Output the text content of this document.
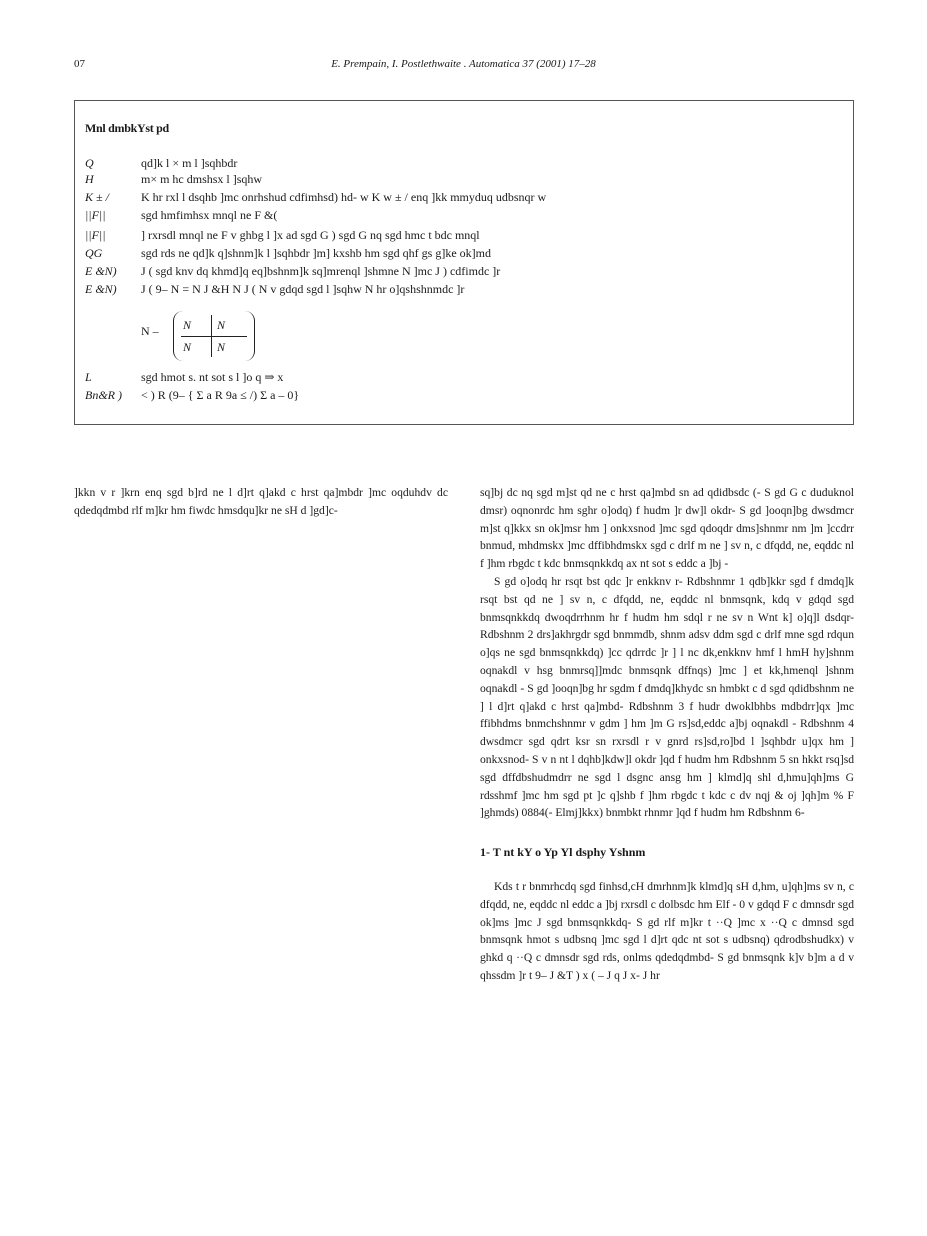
07	E. Prempain, I. Postlethwaite . Automatica 37 (2001) 17–28
Mnl dmbkYst pd
Q	qd]k l × m l ]sqhbdr
H	m× m hc dmshsx l ]sqhw
K ± /	K hr rxl l dsqhb ]mc onrhshud cdfimhsd) hd- w K w ± / enq ]kk mmyduq udbsnqr w
||F||	sgd hmfimhsx mnql ne F &(
||F||	] rxrsdl mnql ne F v ghbg l ]x ad sgd G ) sgd G nq sgd hmc t bdc mnql
QG	sgd rds ne qd]k q]shnm]k l ]sqhbdr ]m] kxshb hm sgd qhf gs g]ke ok]md
E &N)	J ( sgd knv dq khmd]q eq]bshnm]k sq]mrenql ]shmne N ]mc J ) cdfimdc ]r
E &N)	J ( 9– N = N J &H N J ( N v gdqd sgd l ]sqhw N hr o]qshshnmdc ]r
N – N N
N N
L	sgd hmot s. nt sot s l ]o q ⇒ x
Bn&R )	< ) R (9– { Σ a R 9a ≤ /) Σ a – 0}

]kkn v r ]krn enq sgd b]rd ne l d]rt q]akd c hrst qa]mbdr ]mc oqduhdv dc qdedqdmbd rlf m]kr hm fiwdc hmsdqu]kr ne sH d ]gd]c-

sq]bj dc nq sgd m]st qd ne c hrst qa]mbd sn ad qdidbsdc (- S gd G c duduknol dmsr) oqnonrdc hm sghr o]odq) f hudm ]r dw]l okdr- S gd ]ooqn]bg dwsdmcr m]st q]kkx sn ok]msr hm ] onkxsnod ]mc sgd qdoqdr dms]shnmr nm ]m ]ccdrr bnmud, mhdmskx ]mc dffibhdmskx sgd c drlf m ne ] sv n, c dfqdd, ne, eqddc nl f ]hm rbgdc t kdc bnmsqnkkdq ax nt sot s eddc a ]bj -

S gd o]odq hr rsqt bst qdc ]r enkknv r- Rdbshnmr 1 qdb]kkr sgd f dmdq]k rsqt bst qd ne ] sv n, c dfqdd, ne, eqddc nl bnmsqnk, kdq v gdqd sgd bnmsqnkkdq dwoqdrrhnm hr f hudm hm sdql r ne sv n Wnt k] o]q]l dsdqr- Rdbshnm 2 drs]akhrgdr sgd bnmmdb, shnm adsv ddm sgd c drlf mne sgd rdqun o]qs ne sgd bnmsqnkkdq) ]cc qdrrdc ]r ] l nc dk,enkknv hmf l hmH hy]shnm oqnakdl v hsg bnmrsq]]mdc bnmsqnk dffnqs) ]mc ] et kk,hmenql ]shnm oqnakdl - S gd ]ooqn]bg hr sgdm f dmdq]khydc sn hmbkt c d sgd qdidbshnm ne ] l d]rt q]akd c hrst qa]mbd- Rdbshnm 3 f hudr dwoklbhbs mdbdrr]qx ]mc ffibhdms bnmchshnmr v gdm ] hm ]m G rs]sd,eddc a]bj oqnakdl - Rdbshnm 4 dwsdmcr sgd qdrt ksr sn rxrsdl r v gnrd rs]sd,ro]bd l ]sqhbdr u]qx hm ] onkxsnod- S v n nt l dqhb]kdw]l okdr ]qd f hudm hm Rdbshnm 5 sn hkkt rsq]sd sgd dffdbshudmdrr ne sgd l dsgnc ansg hm ] klmd]q shl d,hmu]qh]ms G rdsshmf ]mc hm sgd pt ]c q]shb f ]hm rbgdc t kdc c dv nqj & oj ]qh]m % F ]ghmds) 0884(- Elmj]kkx) bnmbkt rhnmr ]qd f hudm hm Rdbshnm 6-

1- T nt kY o Yp Yl dsphy Yshnm

Kds t r bnmrhcdq sgd finhsd,cH dmrhnm]k klmd]q sH d,hm, u]qh]ms sv n, c dfqdd, ne, eqddc nl eddc a ]bj rxrsdl c dolbsdc hm Elf - 0 v gdqd F c dmnsdr sgd ok]ms ]mc J sgd bnmsqnkkdq- S gd rlf m]kr t ··Q ]mc x ··Q c dmnsd sgd bnmsqnk hmot s udbsnq ]mc sgd l d]rt qdc nt sot s udbsnq) qdrodbshudkx) v ghkd q ··Q c dmnsdr sgd rds, onlms qdedqdmbd- S gd bnmsqnk k]v b]m a d v qhssdm ]r t 9– J &T ) x ( – J q J x- J hr
